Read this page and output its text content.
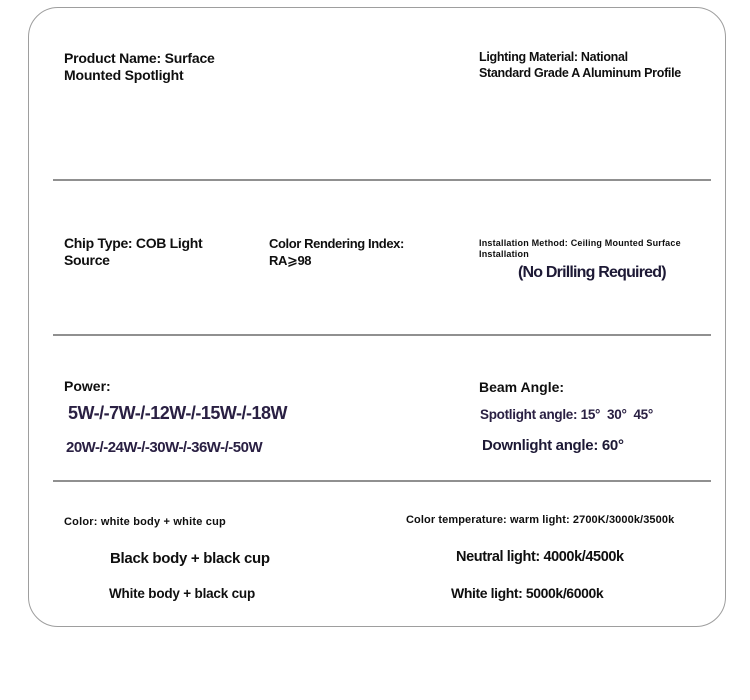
Product Name: Surface
Mounted Spotlight
Lighting Material: National
Standard Grade A Aluminum Profile
Chip Type: COB Light
Source
Color Rendering Index:
RA⩾98
Installation Method: Ceiling Mounted Surface
Installation
(No Drilling Required)
Power:
5W-/-7W-/-12W-/-15W-/-18W
20W-/-24W-/-30W-/-36W-/-50W
Beam Angle:
Spotlight angle: 15°  30°  45°
Downlight angle: 60°
Color: white body + white cup
Black body + black cup
White body + black cup
Color temperature: warm light: 2700K/3000k/3500k
Neutral light: 4000k/4500k
White light: 5000k/6000k
